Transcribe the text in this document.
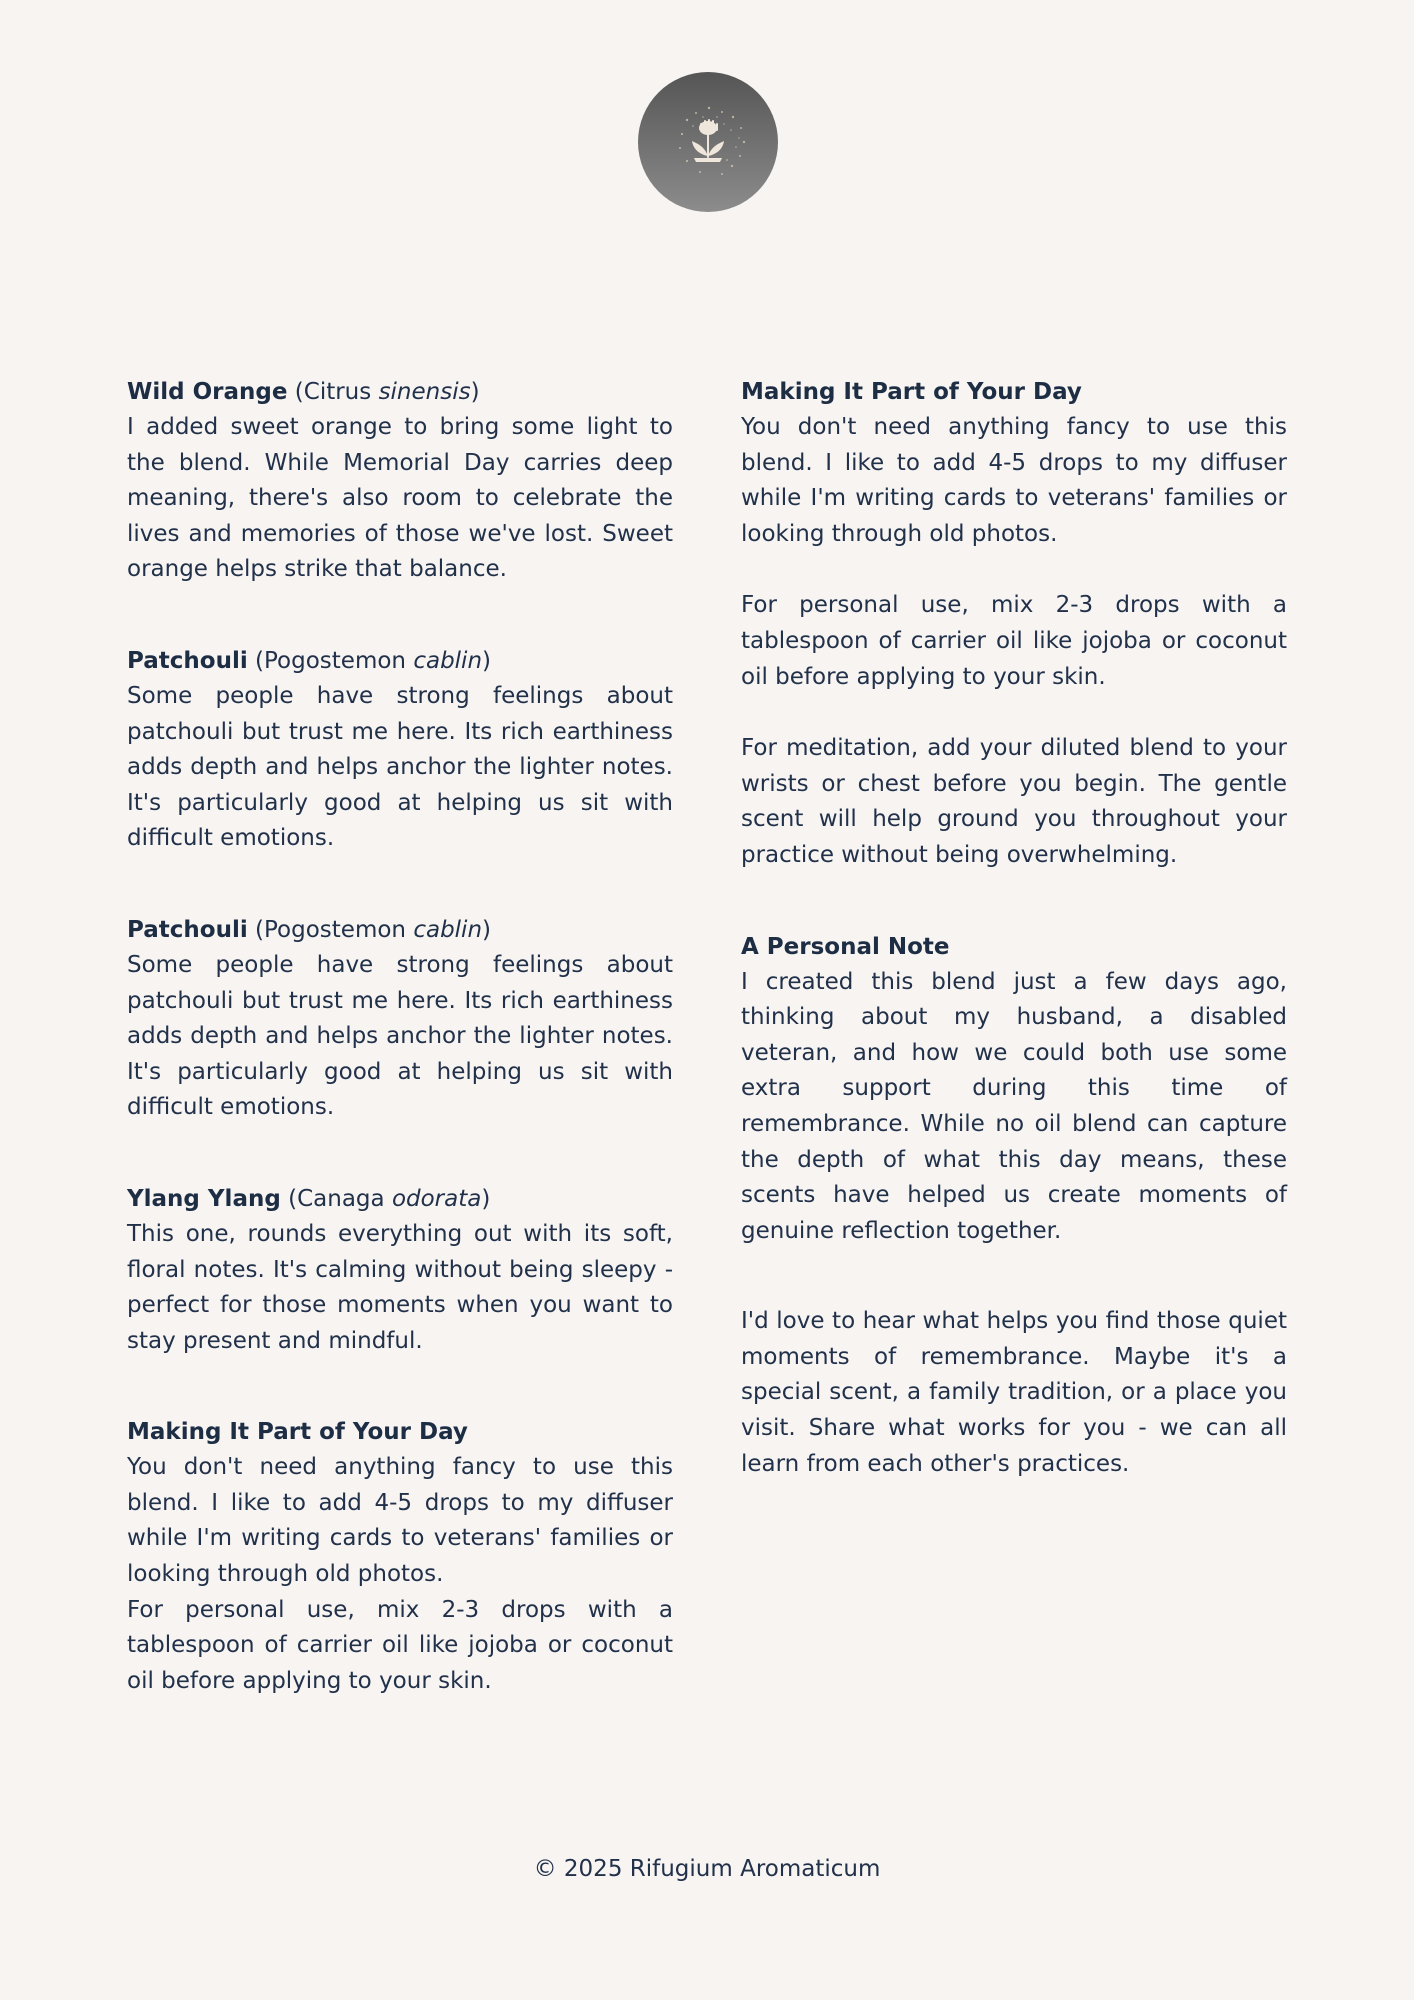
Wild Orange (Citrus sinensis)

I added sweet orange to bring some light to the blend. While Memorial Day carries deep meaning, there's also room to celebrate the lives and memories of those we've lost. Sweet orange helps strike that balance.

Patchouli (Pogostemon cablin)

Some people have strong feelings about patchouli but trust me here. Its rich earthiness adds depth and helps anchor the lighter notes. It's particularly good at helping us sit with difficult emotions.

Patchouli (Pogostemon cablin)

Some people have strong feelings about patchouli but trust me here. Its rich earthiness adds depth and helps anchor the lighter notes. It's particularly good at helping us sit with difficult emotions.

Ylang Ylang (Canaga odorata)

This one, rounds everything out with its soft, floral notes. It's calming without being sleepy - perfect for those moments when you want to stay present and mindful.

Making It Part of Your Day

You don't need anything fancy to use this blend. I like to add 4-5 drops to my diffuser while I'm writing cards to veterans' families or looking through old photos.

For personal use, mix 2-3 drops with a tablespoon of carrier oil like jojoba or coconut oil before applying to your skin.

Making It Part of Your Day

You don't need anything fancy to use this blend. I like to add 4-5 drops to my diffuser while I'm writing cards to veterans' families or looking through old photos.

For personal use, mix 2-3 drops with a tablespoon of carrier oil like jojoba or coconut oil before applying to your skin.

For meditation, add your diluted blend to your wrists or chest before you begin. The gentle scent will help ground you throughout your practice without being overwhelming.

A Personal Note

I created this blend just a few days ago, thinking about my husband, a disabled veteran, and how we could both use some extra support during this time of remembrance. While no oil blend can capture the depth of what this day means, these scents have helped us create moments of genuine reflection together.

I'd love to hear what helps you find those quiet moments of remembrance. Maybe it's a special scent, a family tradition, or a place you visit. Share what works for you - we can all learn from each other's practices.

© 2025 Rifugium Aromaticum
